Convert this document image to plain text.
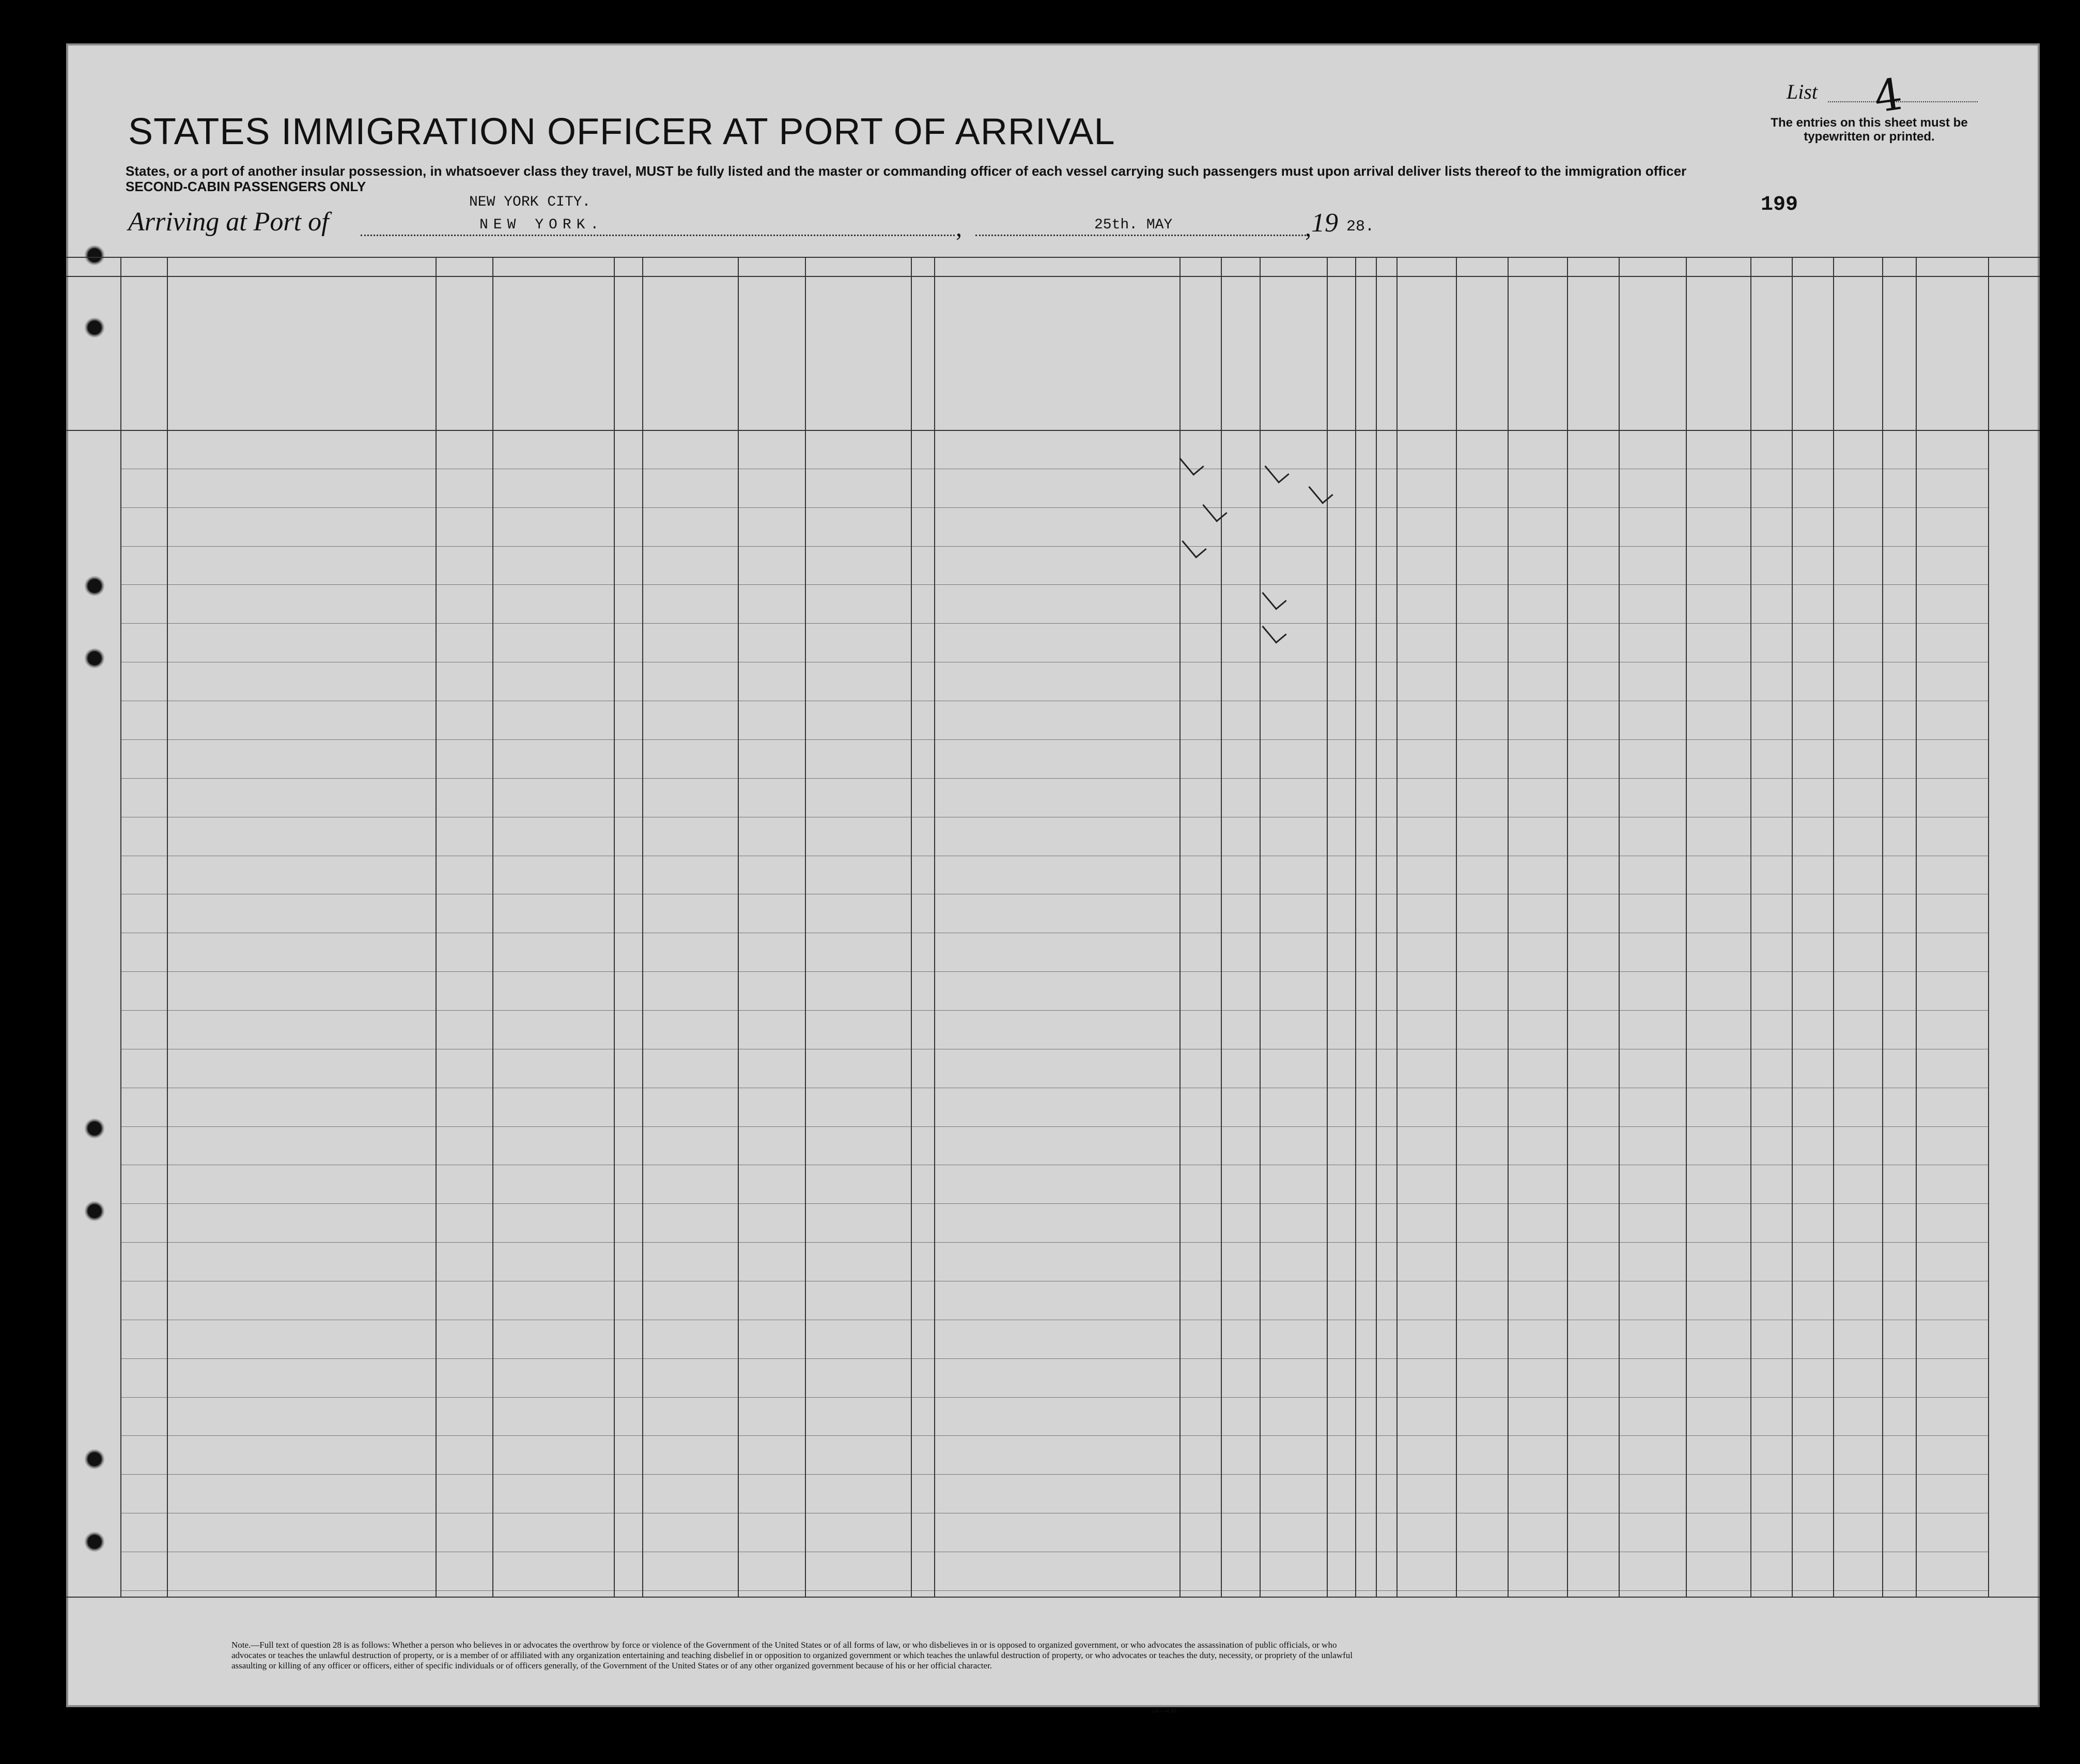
STATES IMMIGRATION OFFICER AT PORT OF ARRIVAL
States, or a port of another insular possession, in whatsoever class they travel, MUST be fully listed and the master or commanding officer of each vessel carrying such passengers must upon arrival deliver lists thereof to the immigration officer
SECOND-CABIN PASSENGERS ONLY
List 4
The entries on this sheet must be typewritten or printed.
199
Arriving at Port of
NEW YORK CITY.
NEW YORK.	,	25th. MAY	, 19 28.
Note.—Full text of question 28 is as follows: Whether a person who believes in or advocates the overthrow by force or violence of the Government of the United States or of all forms of law, or who disbelieves in or is opposed to organized government, or who advocates the assassination of public officials, or who advocates or teaches the unlawful destruction of property, or is a member of or affiliated with any organization entertaining and teaching disbelief in or opposition to organized government or which teaches the unlawful destruction of property, or who advocates or teaches the duty, necessity, or propriety of the unlawful assaulting or killing of any officer or officers, either of specific individuals or of officers generally, of the Government of the United States or of any other organized government because of his or her official character.
14—430
